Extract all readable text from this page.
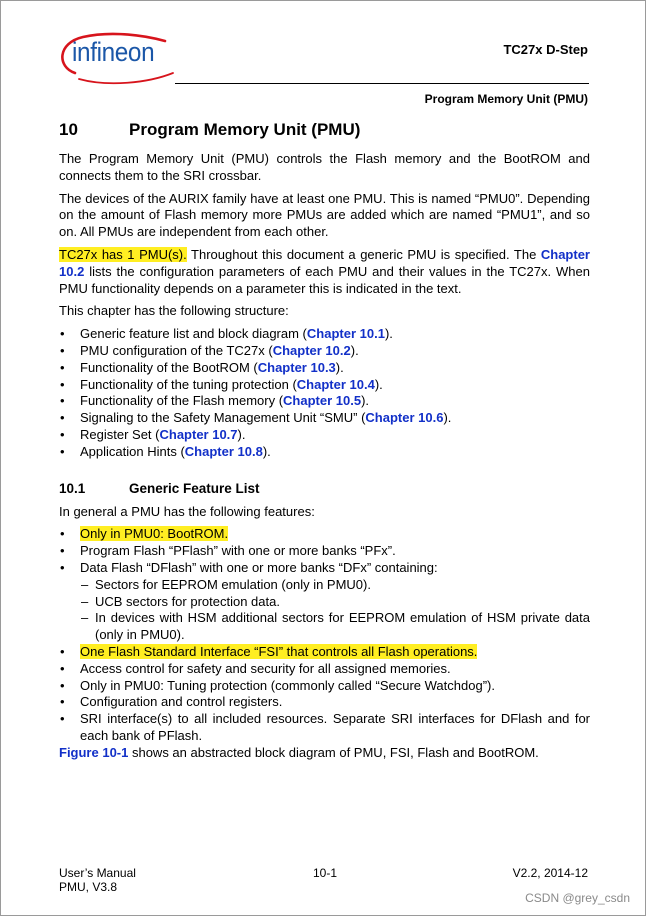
infineon	TC27x D-Step
Program Memory Unit (PMU)
10	Program Memory Unit (PMU)

The Program Memory Unit (PMU) controls the Flash memory and the BootROM and connects them to the SRI crossbar.

The devices of the AURIX family have at least one PMU. This is named “PMU0”. Depending on the amount of Flash memory more PMUs are added which are named “PMU1”, and so on. All PMUs are independent from each other.

TC27x has 1 PMU(s). Throughout this document a generic PMU is specified. The Chapter 10.2 lists the configuration parameters of each PMU and their values in the TC27x. When PMU functionality depends on a parameter this is indicated in the text.

This chapter has the following structure:

• Generic feature list and block diagram (Chapter 10.1).
• PMU configuration of the TC27x (Chapter 10.2).
• Functionality of the BootROM (Chapter 10.3).
• Functionality of the tuning protection (Chapter 10.4).
• Functionality of the Flash memory (Chapter 10.5).
• Signaling to the Safety Management Unit “SMU” (Chapter 10.6).
• Register Set (Chapter 10.7).
• Application Hints (Chapter 10.8).
10.1	Generic Feature List

In general a PMU has the following features:

• Only in PMU0: BootROM.
• Program Flash “PFlash” with one or more banks “PFx”.
• Data Flash “DFlash” with one or more banks “DFx” containing:
– Sectors for EEPROM emulation (only in PMU0).
– UCB sectors for protection data.
– In devices with HSM additional sectors for EEPROM emulation of HSM private data (only in PMU0).
• One Flash Standard Interface “FSI” that controls all Flash operations.
• Access control for safety and security for all assigned memories.
• Only in PMU0: Tuning protection (commonly called “Secure Watchdog”).
• Configuration and control registers.
• SRI interface(s) to all included resources. Separate SRI interfaces for DFlash and for each bank of PFlash.

Figure 10-1 shows an abstracted block diagram of PMU, FSI, Flash and BootROM.

User’s Manual
PMU, V3.8
10-1	V2.2, 2014-12
CSDN @grey_csdn
